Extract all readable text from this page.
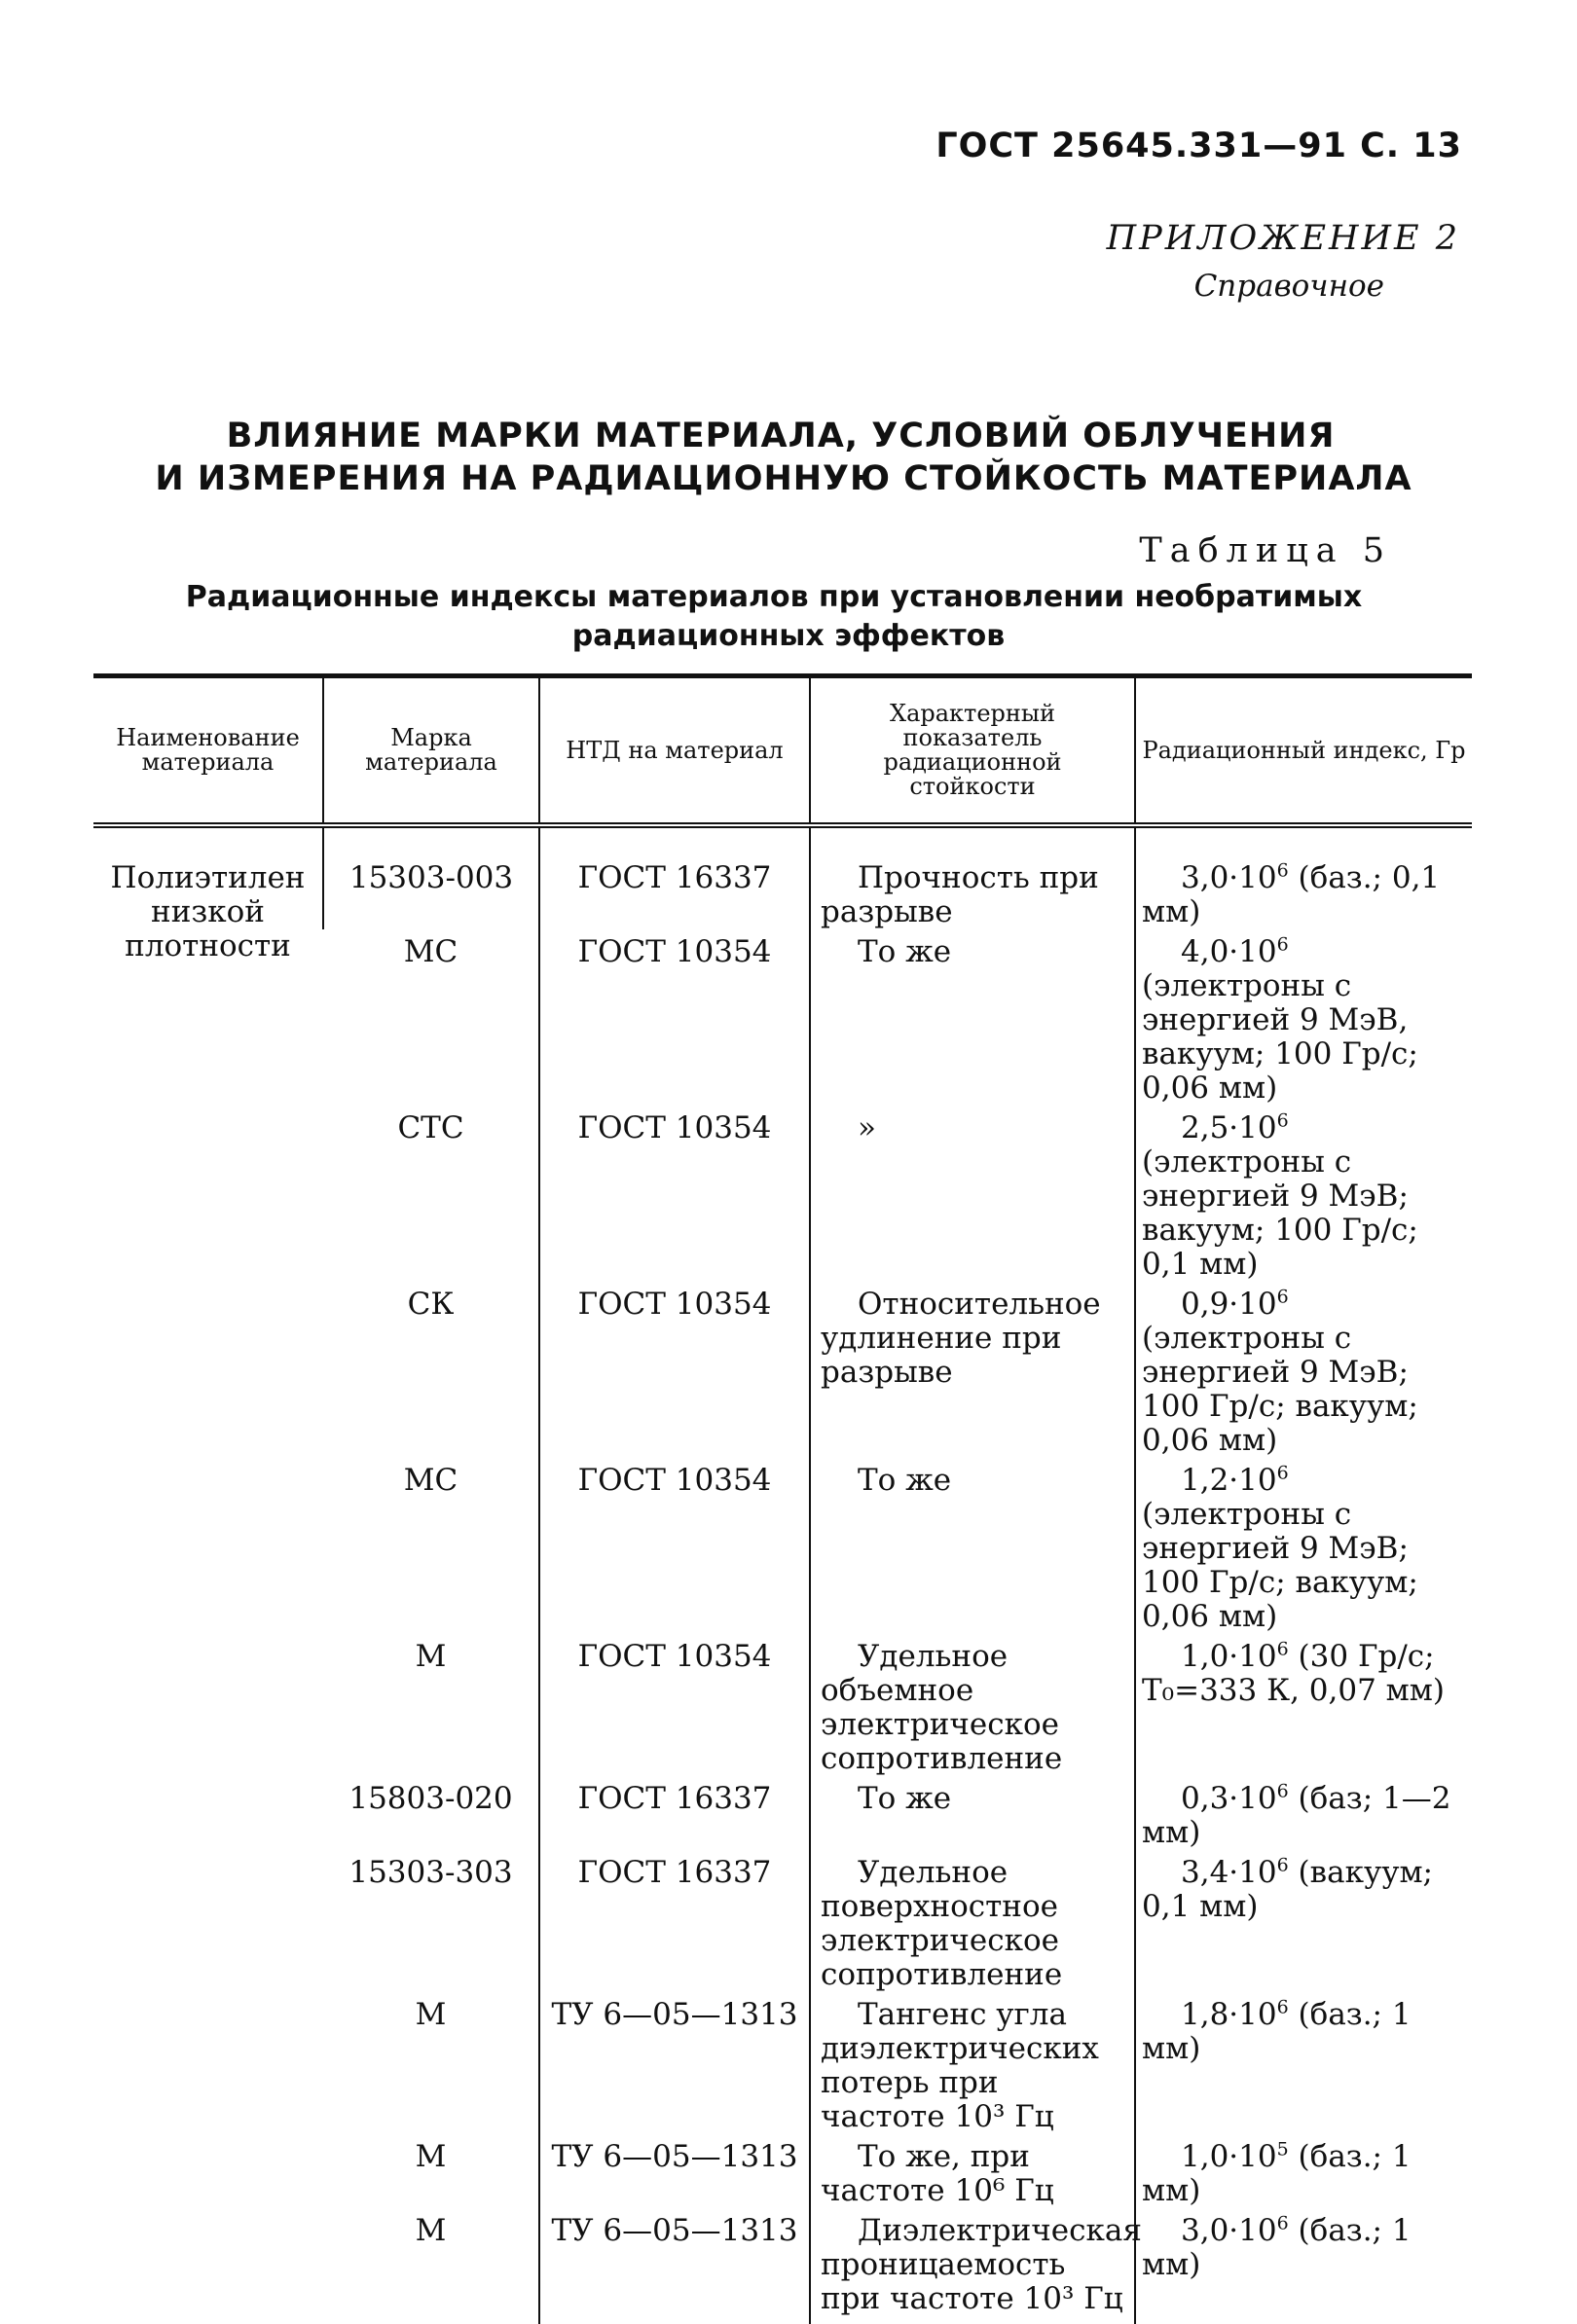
ГОСТ 25645.331—91 С. 13
ПРИЛОЖЕНИЕ 2
Справочное
ВЛИЯНИЕ МАРКИ МАТЕРИАЛА, УСЛОВИЙ ОБЛУЧЕНИЯ
И ИЗМЕРЕНИЯ НА РАДИАЦИОННУЮ СТОЙКОСТЬ МАТЕРИАЛА
Таблица 5
Радиационные индексы материалов при установлении необратимых
радиационных эффектов
Наименование материала	Марка материала	НТД на материал	Характерный показатель радиационной стойкости	Радиационный индекс, Гр
Полиэтилен низкой плотности	15303-003	ГОСТ 16337	Прочность при разрыве	$3,0\cdot 10^6$ (баз.; 0,1 мм)
	МС	ГОСТ 10354	То же	$4,0\cdot 10^6$ (электроны с энергией 9 МэВ, вакуум; 100 Гр/с; 0,06 мм)
	СТС	ГОСТ 10354	»	$2,5\cdot 10^6$ (электроны с энергией 9 МэВ; вакуум; 100 Гр/с; 0,1 мм)
	СК	ГОСТ 10354	Относительное удлинение при разрыве	$0,9\cdot 10^6$ (электроны с энергией 9 МэВ; 100 Гр/с; вакуум; 0,06 мм)
	МС	ГОСТ 10354	То же	$1,2\cdot 10^6$ (электроны с энергией 9 МэВ; 100 Гр/с; вакуум; 0,06 мм)
	М	ГОСТ 10354	Удельное объемное электрическое сопротивление	$1,0\cdot 10^6$ (30 Гр/с; T₀=333 К, 0,07 мм)
	15803-020	ГОСТ 16337	То же	$0,3\cdot 10^6$ (баз; 1—2 мм)
	15303-303	ГОСТ 16337	Удельное поверхностное электрическое сопротивление	$3,4\cdot 10^6$ (вакуум; 0,1 мм)
	М	ТУ 6—05—1313	Тангенс угла диэлектрических потерь при частоте 10³ Гц	$1,8\cdot 10^6$ (баз.; 1 мм)
	М	ТУ 6—05—1313	То же, при частоте 10⁶ Гц	$1,0\cdot 10^5$ (баз.; 1 мм)
	М	ТУ 6—05—1313	Диэлектрическая проницаемость при частоте 10³ Гц	$3,0\cdot 10^6$ (баз.; 1 мм)
